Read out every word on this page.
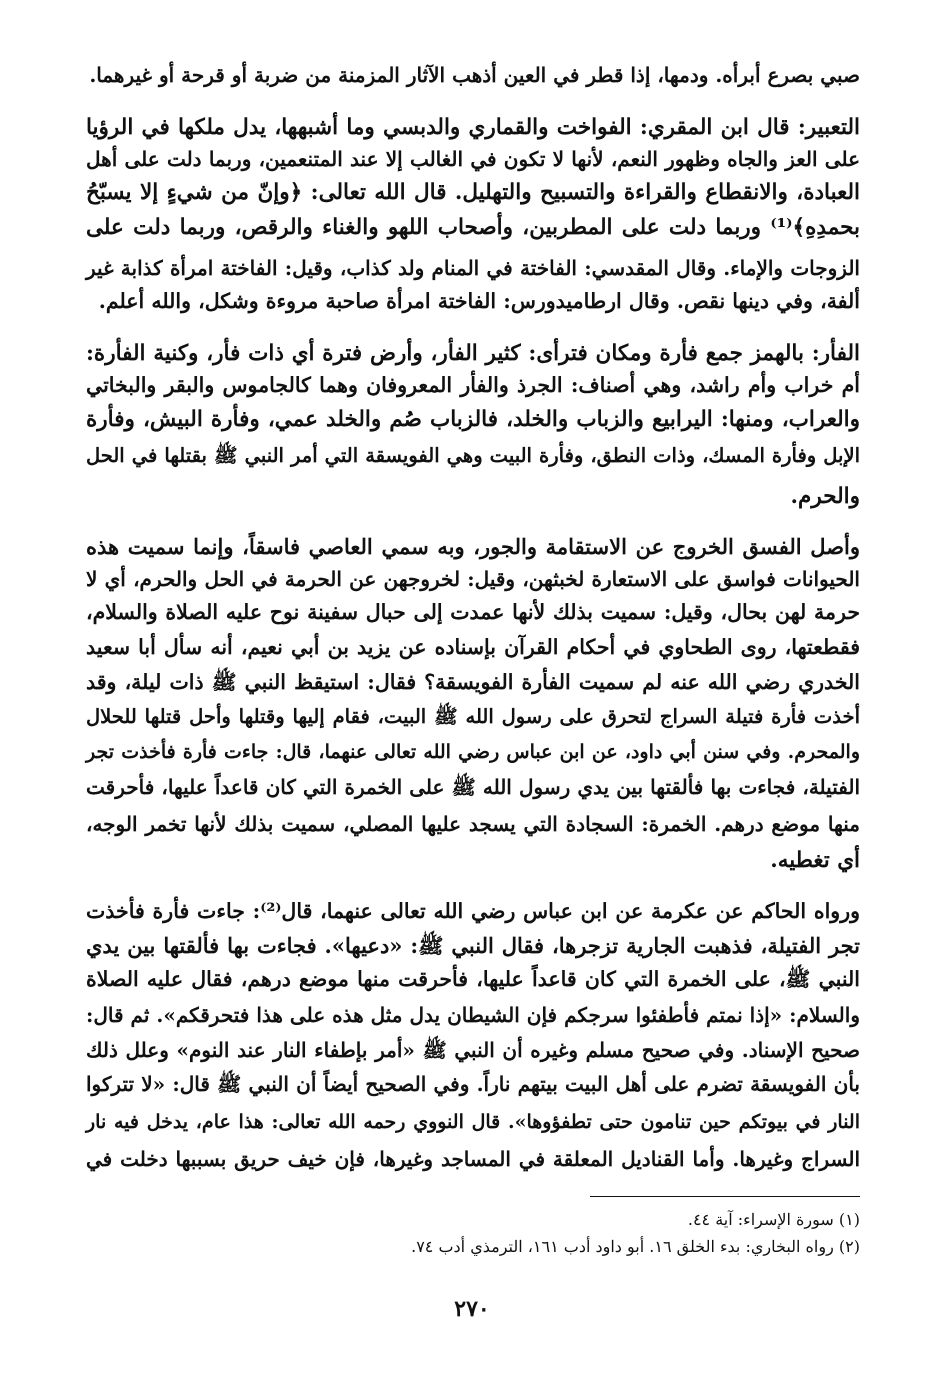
صبي بصرع أبرأه. ودمها، إذا قطر في العين أذهب الآثار المزمنة من ضربة أو قرحة أو غيرهما.
التعبير: قال ابن المقري: الفواخت والقماري والدبسي وما أشبهها، يدل ملكها في الرؤيا
على العز والجاه وظهور النعم، لأنها لا تكون في الغالب إلا عند المتنعمين، وربما دلت على أهل
العبادة، والانقطاع والقراءة والتسبيح والتهليل. قال الله تعالى: ﴿وإنّ من شيءٍ إلا يسبّحُ
بحمدِهِ﴾⁽¹⁾ وربما دلت على المطربين، وأصحاب اللهو والغناء والرقص، وربما دلت على
الزوجات والإماء. وقال المقدسي: الفاختة في المنام ولد كذاب، وقيل: الفاختة امرأة كذابة غير
ألفة، وفي دينها نقص. وقال ارطاميدورس: الفاختة امرأة صاحبة مروءة وشكل، والله أعلم.
الفأر: بالهمز جمع فأرة ومكان فترأى: كثير الفأر، وأرض فترة أي ذات فأر، وكنية الفأرة:
أم خراب وأم راشد، وهي أصناف: الجرذ والفأر المعروفان وهما كالجاموس والبقر والبخاتي
والعراب، ومنها: اليرابيع والزباب والخلد، فالزباب صُم والخلد عمي، وفأرة البيش، وفأرة
الإبل وفأرة المسك، وذات النطق، وفأرة البيت وهي الفويسقة التي أمر النبي ﷺ بقتلها في الحل
والحرم.
وأصل الفسق الخروج عن الاستقامة والجور، وبه سمي العاصي فاسقاً، وإنما سميت هذه
الحيوانات فواسق على الاستعارة لخبثهن، وقيل: لخروجهن عن الحرمة في الحل والحرم، أي لا
حرمة لهن بحال، وقيل: سميت بذلك لأنها عمدت إلى حبال سفينة نوح عليه الصلاة والسلام،
فقطعتها، روى الطحاوي في أحكام القرآن بإسناده عن يزيد بن أبي نعيم، أنه سأل أبا سعيد
الخدري رضي الله عنه لم سميت الفأرة الفويسقة؟ فقال: استيقظ النبي ﷺ ذات ليلة، وقد
أخذت فأرة فتيلة السراج لتحرق على رسول الله ﷺ البيت، فقام إليها وقتلها وأحل قتلها للحلال
والمحرم. وفي سنن أبي داود، عن ابن عباس رضي الله تعالى عنهما، قال: جاءت فأرة فأخذت تجر
الفتيلة، فجاءت بها فألقتها بين يدي رسول الله ﷺ على الخمرة التي كان قاعداً عليها، فأحرقت
منها موضع درهم. الخمرة: السجادة التي يسجد عليها المصلي، سميت بذلك لأنها تخمر الوجه،
أي تغطيه.
ورواه الحاكم عن عكرمة عن ابن عباس رضي الله تعالى عنهما، قال⁽²⁾: جاءت فأرة فأخذت
تجر الفتيلة، فذهبت الجارية تزجرها، فقال النبي ﷺ: «دعيها». فجاءت بها فألقتها بين يدي
النبي ﷺ، على الخمرة التي كان قاعداً عليها، فأحرقت منها موضع درهم، فقال عليه الصلاة
والسلام: «إذا نمتم فأطفئوا سرجكم فإن الشيطان يدل مثل هذه على هذا فتحرقكم». ثم قال:
صحيح الإسناد. وفي صحيح مسلم وغيره أن النبي ﷺ «أمر بإطفاء النار عند النوم» وعلل ذلك
بأن الفويسقة تضرم على أهل البيت بيتهم ناراً. وفي الصحيح أيضاً أن النبي ﷺ قال: «لا تتركوا
النار في بيوتكم حين تنامون حتى تطفؤوها». قال النووي رحمه الله تعالى: هذا عام، يدخل فيه نار
السراج وغيرها. وأما القناديل المعلقة في المساجد وغيرها، فإن خيف حريق بسببها دخلت في
(١) سورة الإسراء: آية ٤٤.
(٢) رواه البخاري: بدء الخلق ١٦. أبو داود أدب ١٦١، الترمذي أدب ٧٤.
٢٧٠
